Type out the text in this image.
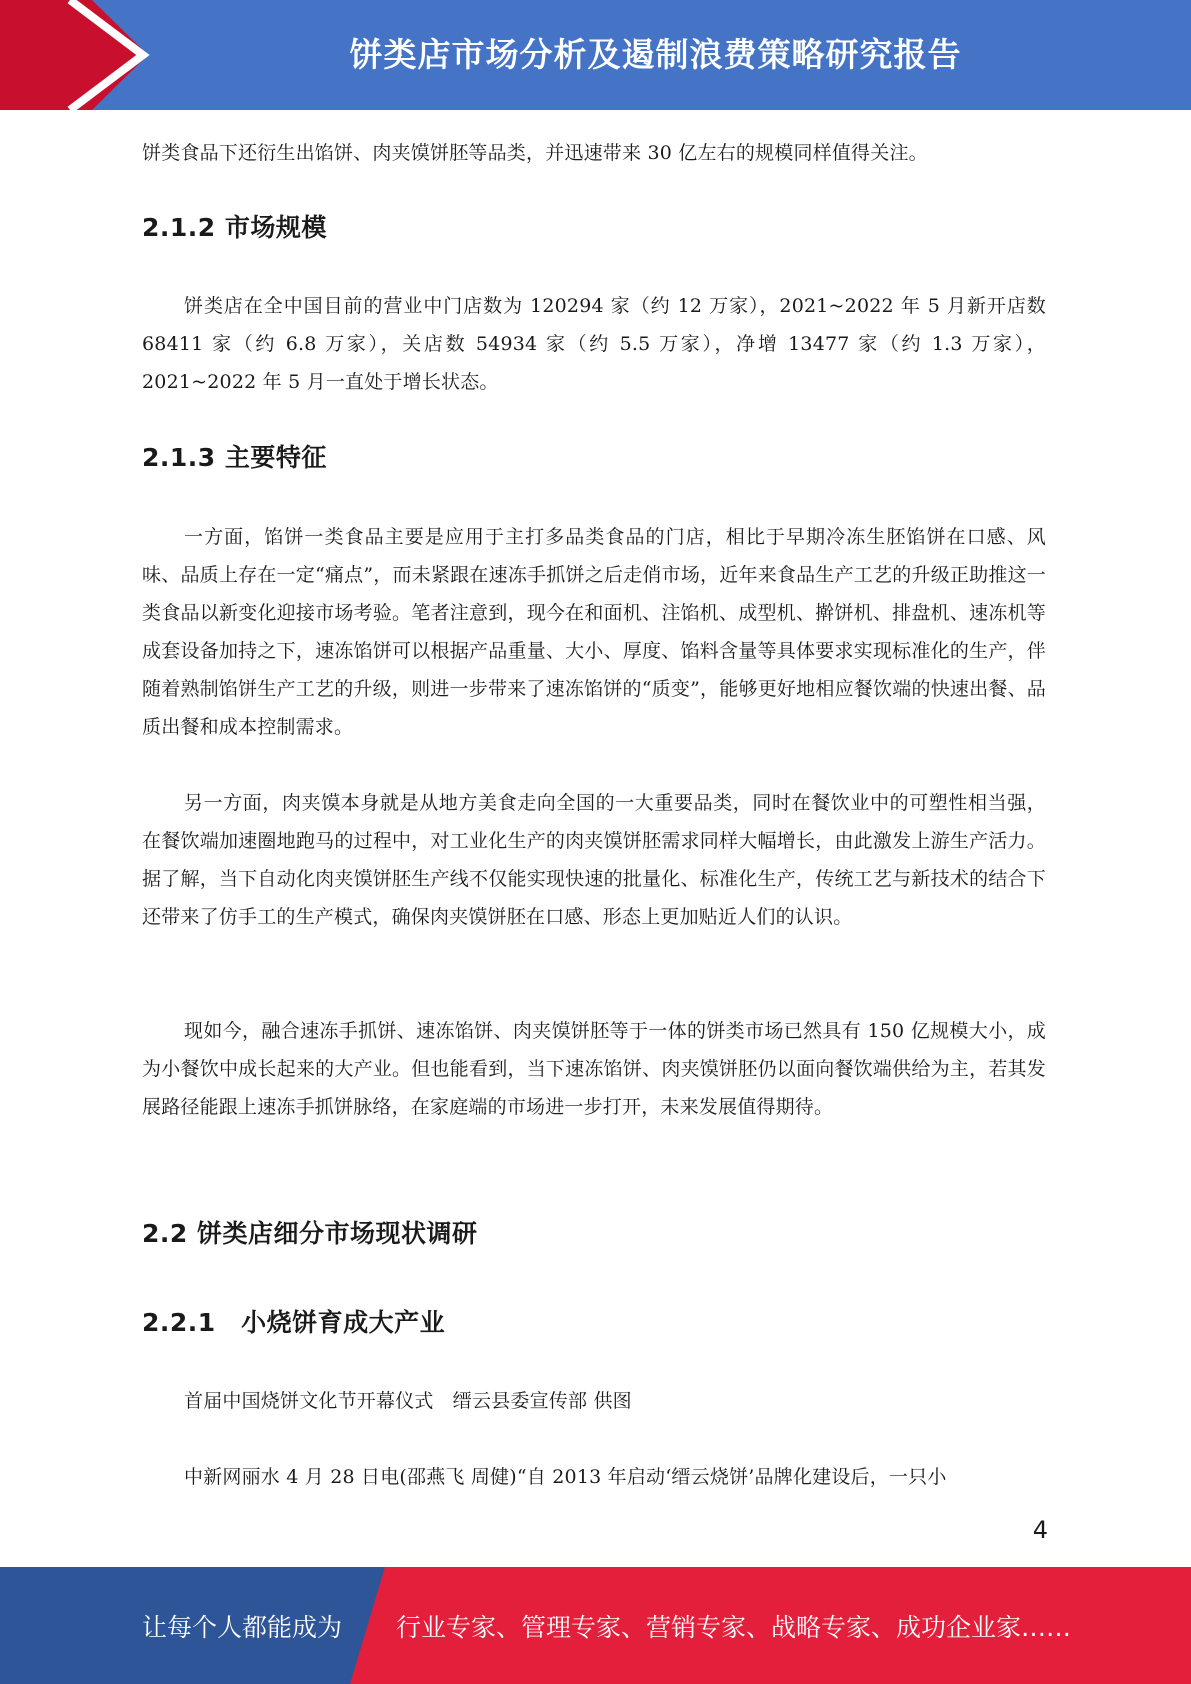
饼类店市场分析及遏制浪费策略研究报告

饼类食品下还衍生出馅饼、肉夹馍饼胚等品类，并迅速带来 30 亿左右的规模同样值得关注。

2.1.2 市场规模

饼类店在全中国目前的营业中门店数为 120294 家（约 12 万家），2021~2022 年 5 月新开店数 68411 家（约 6.8 万家），关店数 54934 家（约 5.5 万家），净增 13477 家（约 1.3 万家），2021~2022 年 5 月一直处于增长状态。

2.1.3 主要特征

一方面，馅饼一类食品主要是应用于主打多品类食品的门店，相比于早期冷冻生胚馅饼在口感、风味、品质上存在一定“痛点”，而未紧跟在速冻手抓饼之后走俏市场，近年来食品生产工艺的升级正助推这一类食品以新变化迎接市场考验。笔者注意到，现今在和面机、注馅机、成型机、擀饼机、排盘机、速冻机等成套设备加持之下，速冻馅饼可以根据产品重量、大小、厚度、馅料含量等具体要求实现标准化的生产，伴随着熟制馅饼生产工艺的升级，则进一步带来了速冻馅饼的“质变”，能够更好地相应餐饮端的快速出餐、品质出餐和成本控制需求。

另一方面，肉夹馍本身就是从地方美食走向全国的一大重要品类，同时在餐饮业中的可塑性相当强，在餐饮端加速圈地跑马的过程中，对工业化生产的肉夹馍饼胚需求同样大幅增长，由此激发上游生产活力。据了解，当下自动化肉夹馍饼胚生产线不仅能实现快速的批量化、标准化生产，传统工艺与新技术的结合下还带来了仿手工的生产模式，确保肉夹馍饼胚在口感、形态上更加贴近人们的认识。

现如今，融合速冻手抓饼、速冻馅饼、肉夹馍饼胚等于一体的饼类市场已然具有 150 亿规模大小，成为小餐饮中成长起来的大产业。但也能看到，当下速冻馅饼、肉夹馍饼胚仍以面向餐饮端供给为主，若其发展路径能跟上速冻手抓饼脉络，在家庭端的市场进一步打开，未来发展值得期待。

2.2 饼类店细分市场现状调研
2.2.1　小烧饼育成大产业

首届中国烧饼文化节开幕仪式　缙云县委宣传部 供图

中新网丽水 4 月 28 日电(邵燕飞 周健)“自 2013 年启动‘缙云烧饼’品牌化建设后，一只小

4
让每个人都能成为 行业专家、管理专家、营销专家、战略专家、成功企业家……
